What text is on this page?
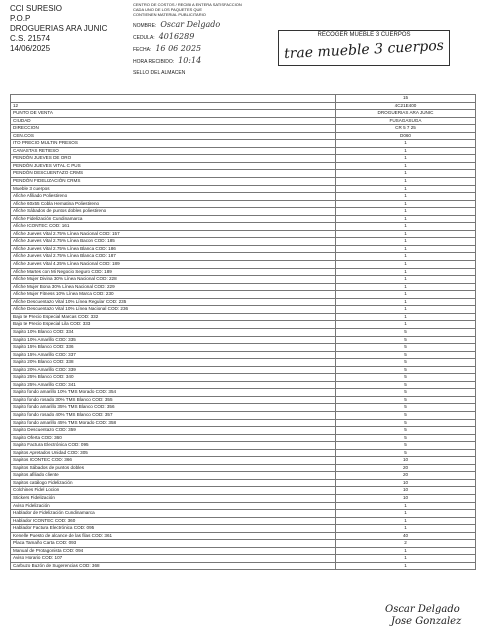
CCI SURESIO
P.O.P
DROGUERIAS ARA JUNIC
C.S. 21574
14/06/2025
CENTRO DE COSTOS / RECIBI A ENTERA SATISFACCION
CADA UNO DE LOS PAQUETES QUE
CONTIENEN MATERIAL PUBLICITARIO
NOMBRE: Oscar Delgado
CEDULA: 4016289
FECHA: 16 06 2025
HORA RECIBIDO: 10:14
SELLO DEL ALMACEN
RECOGER MUEBLE 3 CUERPOS
trae mueble 3 cuerpos
	15
12	4C21E400
PUNTO DE VENTA	DROGUERIAS ARA JUNIC
CIUDAD	FUSAGASUGA
DIRECCION	CR 5 7 25
CEN.COS	D060
ITO PRECIO MULTIN PRESOS	1
CANASTAS RETIESO	1
PENDÓN JUEVES DE ORO	1
PENDÓN JUEVES VITAL C PUS	1
PENDÓN DESCUENTAZO CRMS	1
PENDÓN FIDELIZACIÓN CRMS	1
Mueble 3 cuerpos	1
Afiche Afiliado Poliestireno	1
Afiche 60x55 Cobla Hematina Poliestireno	1
Afiche Sábados de puntos dobles poliestireno	1
Afiche Fidelización Cundinamarca	1
Afiche ICONTEC COD: 161	1
Afiche Jueves Vital 2.75% Línea Nacional COD: 157	1
Afiche Jueves Vital 2.75% Línea Bacon COD: 185	1
Afiche Jueves Vital 2.75% Línea Blanca COD: 186	1
Afiche Jueves Vital 2.75% Línea Blanca COD: 187	1
Afiche Jueves Vital 4.25% Línea Nacional COD: 189	1
Afiche Martes con Mi Negocio Seguro COD: 189	1
Afiche Mujer Divina 30% Línea Nacional COD: 228	1
Afiche Mujer Bona 30% Línea Nacional COD: 229	1
Afiche Mujer Fitness 10% Línea Marca COD: 230	1
Afiche Descuentazo Vital 10% Línea Regular COD: 235	1
Afiche Descuentazo Vital 10% Línea Nacional COD: 236	1
Bajo te Precio Especial Marcas COD: 332	1
Bajo te Precio Especial Lila COD: 333	1
Sapito 10% Blanco COD: 334	5
Sapito 10% Amarillo COD: 335	5
Sapito 15% Blanco COD: 336	5
Sapito 15% Amarillo COD: 337	5
Sapito 20% Blanco COD: 338	5
Sapito 20% Amarillo COD: 339	5
Sapito 25% Blanco COD: 340	5
Sapito 25% Amarillo COD: 341	5
Sapito fondo amarillo 10% TMS Morado COD: 354	5
Sapito fondo rosado 30% TMS Blanco COD: 355	5
Sapito fondo amarillo 35% TMS Blanco COD: 356	5
Sapito fondo rosado 40% TMS Blanco COD: 357	5
Sapito fondo amarillo 45% TMS Morado COD: 358	5
Sapito Descuentazo COD: 359	5
Sapito Oferta COD: 360	5
Sapito Factura Electrónica COD: 095	5
Sapitos Apretados Unidad COD: 305	5
Sapitos ICONTEC COD: 366	10
Sapitos Sábados de puntos dobles	20
Sapitos afiliado cliente	20
Sapitos catálogo Fidelización	10
Colchines Fidel Locion	10
Stickers Fidelización	10
Aviso Fidelización	1
Hablador de Fidelización Cundinamarca	1
Hablador ICONTEC COD: 360	1
Hablador Factura Electrónica COD: 095	1
Kenelle Puesto de alcance de las filas COD: 361	40
Placa Tamaño Carta COD: 093	2
Manual de Protagonista COD: 094	1
Aviso Horario COD: 107	1
Carbuzo Buzón de Sugerencias COD: 368	1
Oscar Delgado
Jose Gonzalez
